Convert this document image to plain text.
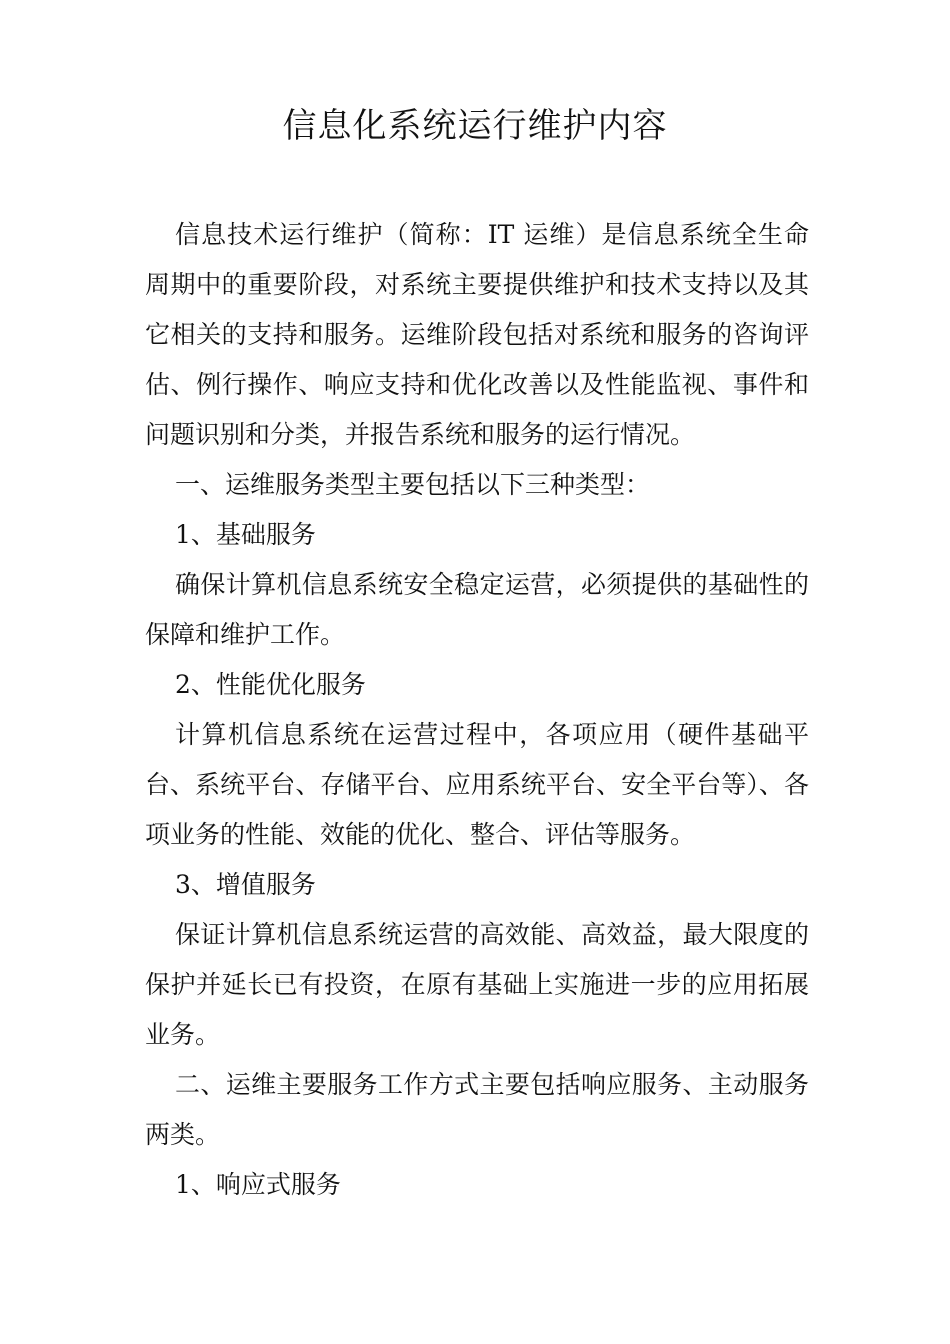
信息化系统运行维护内容

信息技术运行维护（简称：IT 运维）是信息系统全生命周期中的重要阶段，对系统主要提供维护和技术支持以及其它相关的支持和服务。运维阶段包括对系统和服务的咨询评估、例行操作、响应支持和优化改善以及性能监视、事件和问题识别和分类，并报告系统和服务的运行情况。

一、运维服务类型主要包括以下三种类型：

1、基础服务

确保计算机信息系统安全稳定运营，必须提供的基础性的保障和维护工作。

2、性能优化服务

计算机信息系统在运营过程中，各项应用（硬件基础平台、系统平台、存储平台、应用系统平台、安全平台等）、各项业务的性能、效能的优化、整合、评估等服务。

3、增值服务

保证计算机信息系统运营的高效能、高效益，最大限度的保护并延长已有投资，在原有基础上实施进一步的应用拓展业务。

二、运维主要服务工作方式主要包括响应服务、主动服务两类。

1、响应式服务
